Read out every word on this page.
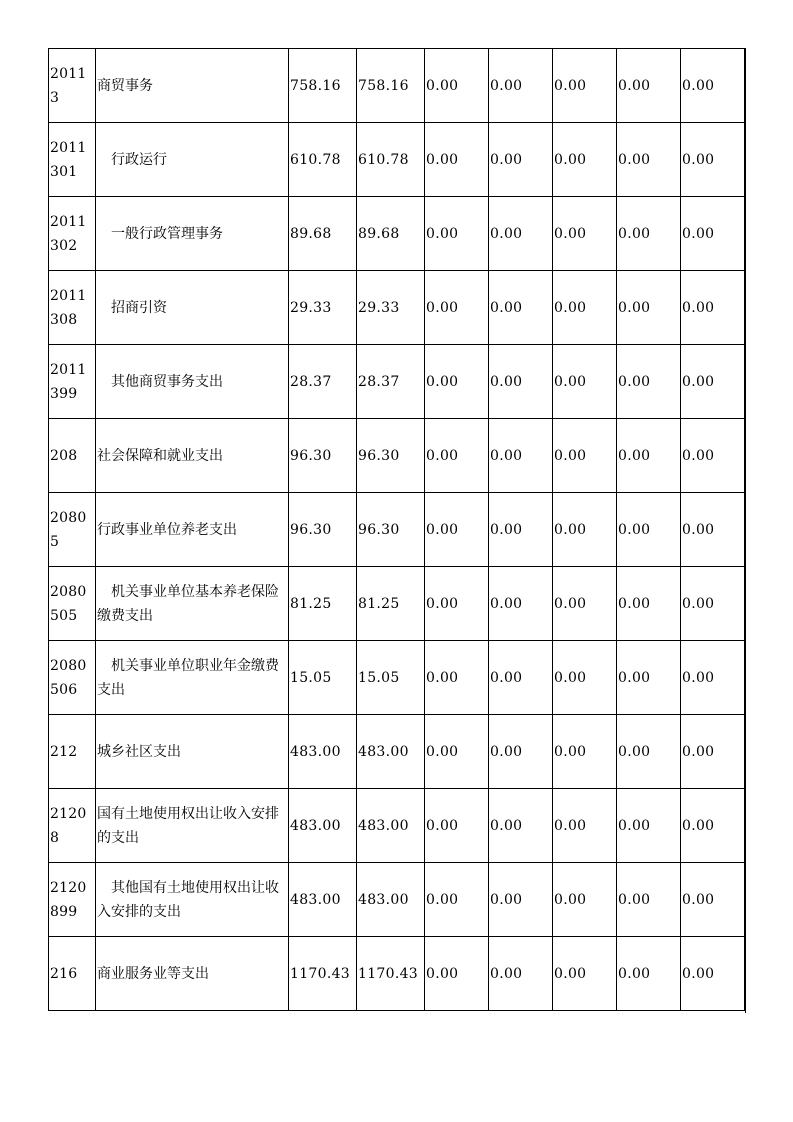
20113	商贸事务	758.16	758.16	0.00	0.00	0.00	0.00	0.00
2011301	行政运行	610.78	610.78	0.00	0.00	0.00	0.00	0.00
2011302	一般行政管理事务	89.68	89.68	0.00	0.00	0.00	0.00	0.00
2011308	招商引资	29.33	29.33	0.00	0.00	0.00	0.00	0.00
2011399	其他商贸事务支出	28.37	28.37	0.00	0.00	0.00	0.00	0.00
208	社会保障和就业支出	96.30	96.30	0.00	0.00	0.00	0.00	0.00
20805	行政事业单位养老支出	96.30	96.30	0.00	0.00	0.00	0.00	0.00
2080505	机关事业单位基本养老保险缴费支出	81.25	81.25	0.00	0.00	0.00	0.00	0.00
2080506	机关事业单位职业年金缴费支出	15.05	15.05	0.00	0.00	0.00	0.00	0.00
212	城乡社区支出	483.00	483.00	0.00	0.00	0.00	0.00	0.00
21208	国有土地使用权出让收入安排的支出	483.00	483.00	0.00	0.00	0.00	0.00	0.00
2120899	其他国有土地使用权出让收入安排的支出	483.00	483.00	0.00	0.00	0.00	0.00	0.00
216	商业服务业等支出	1170.43	1170.43	0.00	0.00	0.00	0.00	0.00
